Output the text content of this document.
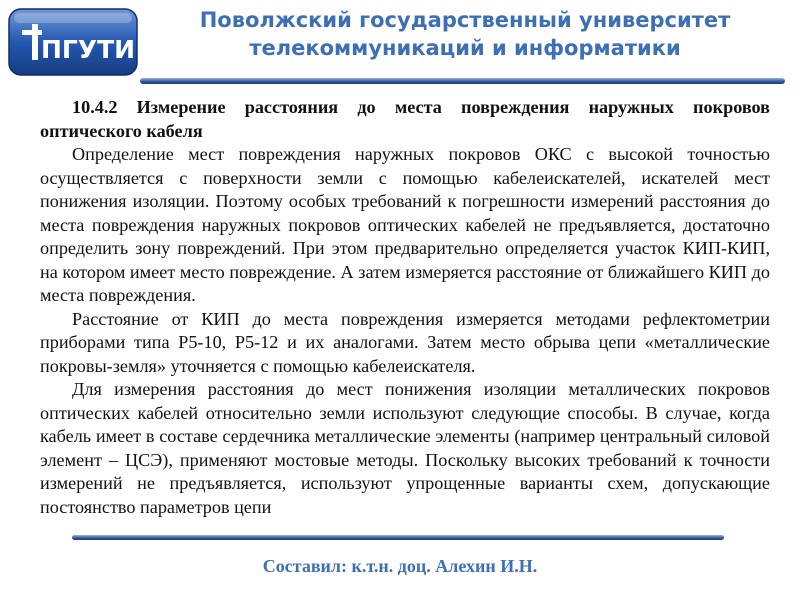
ПГУТИ
Поволжский государственный университет
телекоммуникаций и информатики

10.4.2 Измерение расстояния до места повреждения наружных покровов оптического кабеля

Определение мест повреждения наружных покровов ОКС с высокой точностью осуществляется с поверхности земли с помощью кабелеискателей, искателей мест понижения изоляции. Поэтому особых требований к погрешности измерений расстояния до места повреждения наружных покровов оптических кабелей не предъявляется, достаточно определить зону повреждений. При этом предварительно определяется участок КИП-КИП, на котором имеет место повреждение. А затем измеряется расстояние от ближайшего КИП до места повреждения.

Расстояние от КИП до места повреждения измеряется методами рефлектометрии приборами типа Р5-10, Р5-12 и их аналогами. Затем место обрыва цепи «металлические покровы-земля» уточняется с помощью кабелеискателя.

Для измерения расстояния до мест понижения изоляции металлических покровов оптических кабелей относительно земли используют следующие способы. В случае, когда кабель имеет в составе сердечника металлические элементы (например центральный силовой элемент – ЦСЭ), применяют мостовые методы. Поскольку высоких требований к точности измерений не предъявляется, используют упрощенные варианты схем, допускающие постоянство параметров цепи

Составил: к.т.н. доц. Алехин И.Н.
